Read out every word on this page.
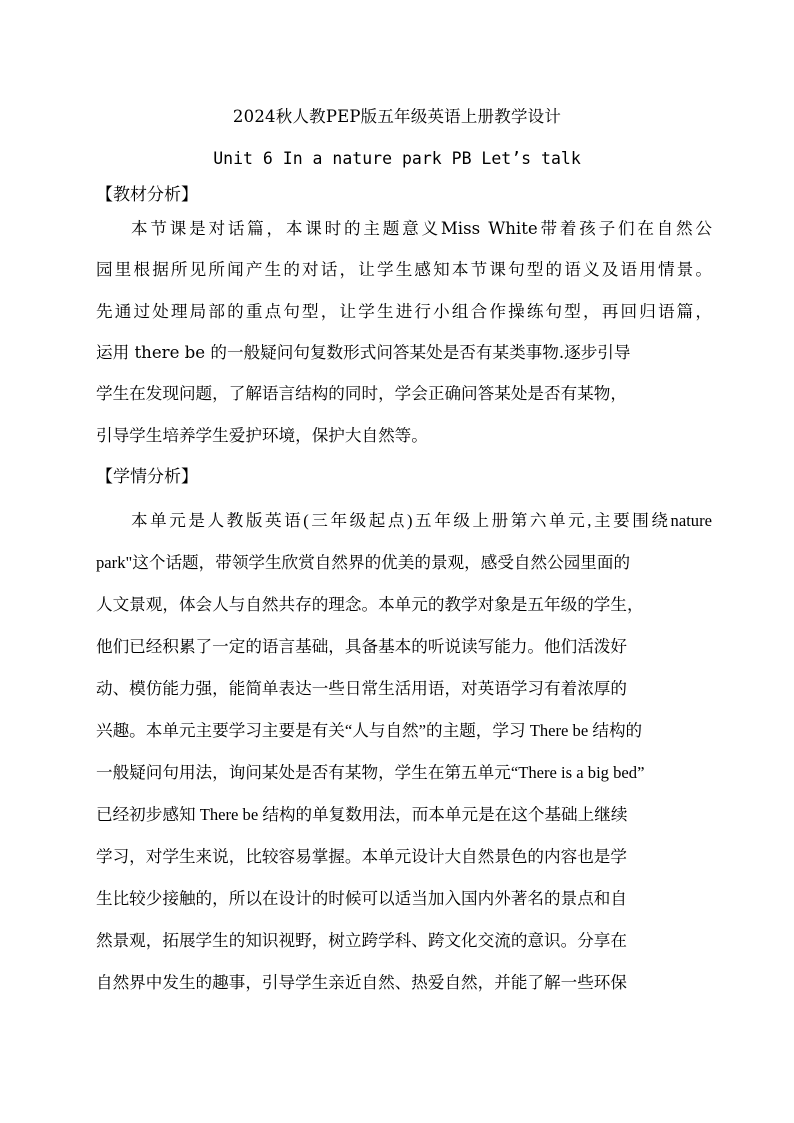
2024秋人教PEP版五年级英语上册教学设计
Unit 6 In a nature park PB Let’s talk
【教材分析】
本节课是对话篇，本课时的主题意义Miss White带着孩子们在自然公
园里根据所见所闻产生的对话，让学生感知本节课句型的语义及语用情景。
先通过处理局部的重点句型，让学生进行小组合作操练句型，再回归语篇，
运用 there be 的一般疑问句复数形式问答某处是否有某类事物.逐步引导
学生在发现问题，了解语言结构的同时，学会正确问答某处是否有某物，
引导学生培养学生爱护环境，保护大自然等。
【学情分析】
本单元是人教版英语(三年级起点)五年级上册第六单元,主要围绕nature
park"这个话题，带领学生欣赏自然界的优美的景观，感受自然公园里面的
人文景观，体会人与自然共存的理念。本单元的教学对象是五年级的学生，
他们已经积累了一定的语言基础，具备基本的听说读写能力。他们活泼好
动、模仿能力强，能简单表达一些日常生活用语，对英语学习有着浓厚的
兴趣。本单元主要学习主要是有关“人与自然”的主题，学习 There be 结构的
一般疑问句用法，询问某处是否有某物，学生在第五单元“There is a big bed”
已经初步感知 There be 结构的单复数用法，而本单元是在这个基础上继续
学习，对学生来说，比较容易掌握。本单元设计大自然景色的内容也是学
生比较少接触的，所以在设计的时候可以适当加入国内外著名的景点和自
然景观，拓展学生的知识视野，树立跨学科、跨文化交流的意识。分享在
自然界中发生的趣事，引导学生亲近自然、热爱自然，并能了解一些环保
